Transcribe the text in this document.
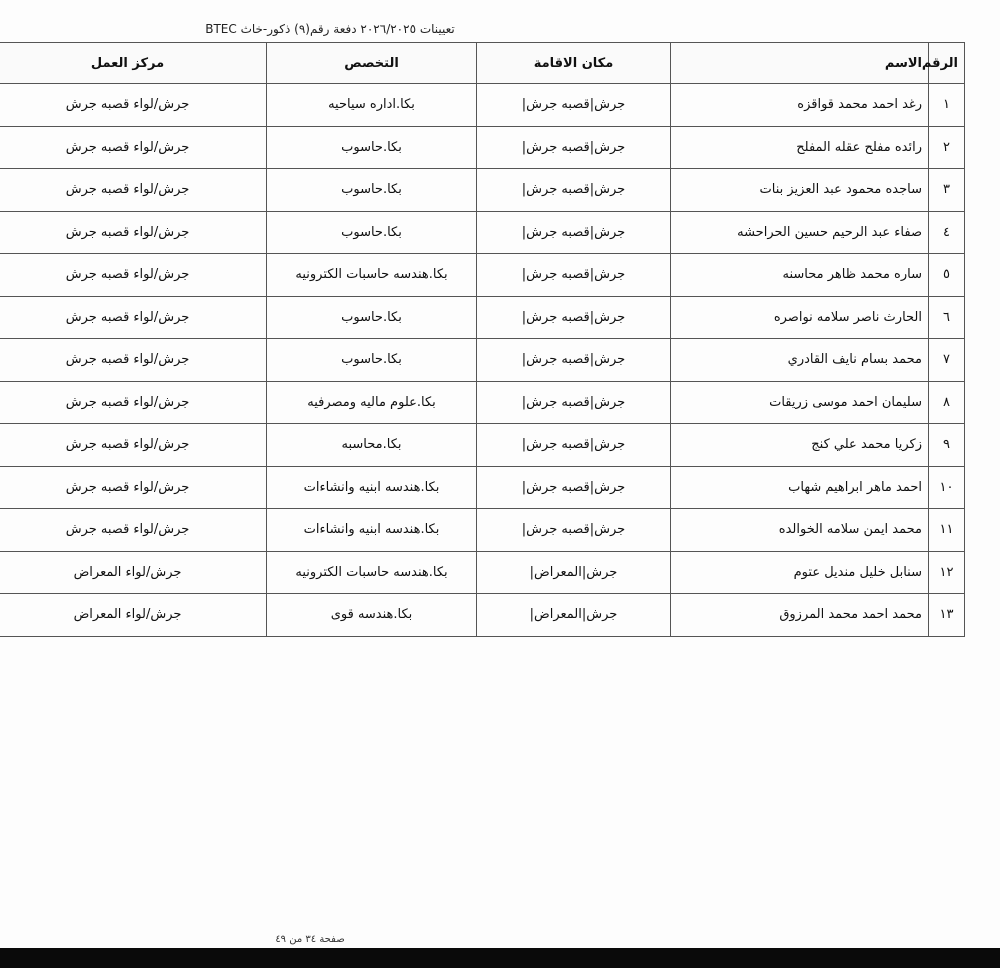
تعيينات ٢٠٢٦/٢٠٢٥ دفعة رقم(٩) ذكور-خاث BTEC
الرقم	الاسم	مكان الاقامة	التخصص	مركز العمل
١	رغد احمد محمد قواقزه	جرش|قصبه جرش|	بكا.اداره سياحيه	جرش/لواء قصبه جرش
٢	رائده مفلح عقله المفلح	جرش|قصبه جرش|	بكا.حاسوب	جرش/لواء قصبه جرش
٣	ساجده محمود عبد العزيز بنات	جرش|قصبه جرش|	بكا.حاسوب	جرش/لواء قصبه جرش
٤	صفاء عبد الرحيم حسين الحراحشه	جرش|قصبه جرش|	بكا.حاسوب	جرش/لواء قصبه جرش
٥	ساره محمد ظاهر محاسنه	جرش|قصبه جرش|	بكا.هندسه حاسبات الكترونيه	جرش/لواء قصبه جرش
٦	الحارث ناصر سلامه نواصره	جرش|قصبه جرش|	بكا.حاسوب	جرش/لواء قصبه جرش
٧	محمد بسام نايف القادري	جرش|قصبه جرش|	بكا.حاسوب	جرش/لواء قصبه جرش
٨	سليمان احمد موسى زريقات	جرش|قصبه جرش|	بكا.علوم ماليه ومصرفيه	جرش/لواء قصبه جرش
٩	زكريا محمد علي كنج	جرش|قصبه جرش|	بكا.محاسبه	جرش/لواء قصبه جرش
١٠	احمد ماهر ابراهيم شهاب	جرش|قصبه جرش|	بكا.هندسه ابنيه وانشاءات	جرش/لواء قصبه جرش
١١	محمد ايمن سلامه الخوالده	جرش|قصبه جرش|	بكا.هندسه ابنيه وانشاءات	جرش/لواء قصبه جرش
١٢	سنابل خليل منديل عتوم	جرش|المعراض|	بكا.هندسه حاسبات الكترونيه	جرش/لواء المعراض
١٣	محمد احمد محمد المرزوق	جرش|المعراض|	بكا.هندسه قوى	جرش/لواء المعراض
صفحة ٣٤ من ٤٩
